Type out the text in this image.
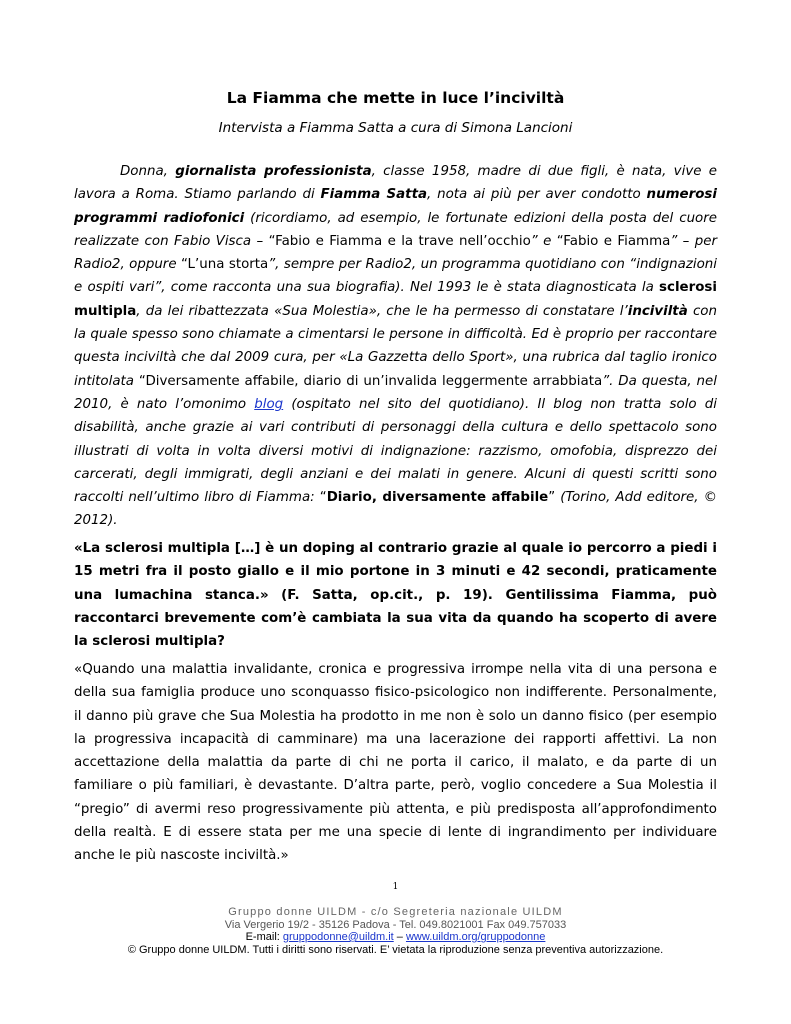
La Fiamma che mette in luce l’inciviltà

Intervista a Fiamma Satta a cura di Simona Lancioni

Donna, giornalista professionista, classe 1958, madre di due figli, è nata, vive e lavora a Roma. Stiamo parlando di Fiamma Satta, nota ai più per aver condotto numerosi programmi radiofonici (ricordiamo, ad esempio, le fortunate edizioni della posta del cuore realizzate con Fabio Visca – “Fabio e Fiamma e la trave nell’occhio” e “Fabio e Fiamma” – per Radio2, oppure “L’una storta”, sempre per Radio2, un programma quotidiano con “indignazioni e ospiti vari”, come racconta una sua biografia). Nel 1993 le è stata diagnosticata la sclerosi multipla, da lei ribattezzata «Sua Molestia», che le ha permesso di constatare l’inciviltà con la quale spesso sono chiamate a cimentarsi le persone in difficoltà. Ed è proprio per raccontare questa inciviltà che dal 2009 cura, per «La Gazzetta dello Sport», una rubrica dal taglio ironico intitolata “Diversamente affabile, diario di un’invalida leggermente arrabbiata”. Da questa, nel 2010, è nato l’omonimo blog (ospitato nel sito del quotidiano). Il blog non tratta solo di disabilità, anche grazie ai vari contributi di personaggi della cultura e dello spettacolo sono illustrati di volta in volta diversi motivi di indignazione: razzismo, omofobia, disprezzo dei carcerati, degli immigrati, degli anziani e dei malati in genere. Alcuni di questi scritti sono raccolti nell’ultimo libro di Fiamma: “Diario, diversamente affabile” (Torino, Add editore, © 2012).

«La sclerosi multipla […] è un doping al contrario grazie al quale io percorro a piedi i 15 metri fra il posto giallo e il mio portone in 3 minuti e 42 secondi, praticamente una lumachina stanca.» (F. Satta, op.cit., p. 19). Gentilissima Fiamma, può raccontarci brevemente com’è cambiata la sua vita da quando ha scoperto di avere la sclerosi multipla?

«Quando una malattia invalidante, cronica e progressiva irrompe nella vita di una persona e della sua famiglia produce uno sconquasso fisico-psicologico non indifferente. Personalmente, il danno più grave che Sua Molestia ha prodotto in me non è solo un danno fisico (per esempio la progressiva incapacità di camminare) ma una lacerazione dei rapporti affettivi. La non accettazione della malattia da parte di chi ne porta il carico, il malato, e da parte di un familiare o più familiari, è devastante. D’altra parte, però, voglio concedere a Sua Molestia il “pregio” di avermi reso progressivamente più attenta, e più predisposta all’approfondimento della realtà. E di essere stata per me una specie di lente di ingrandimento per individuare anche le più nascoste inciviltà.»

1
Gruppo donne UILDM - c/o Segreteria nazionale UILDM
Via Vergerio 19/2 - 35126 Padova - Tel. 049.8021001 Fax 049.757033
E-mail: gruppodonne@uildm.it – www.uildm.org/gruppodonne
© Gruppo donne UILDM. Tutti i diritti sono riservati. E’ vietata la riproduzione senza preventiva autorizzazione.
